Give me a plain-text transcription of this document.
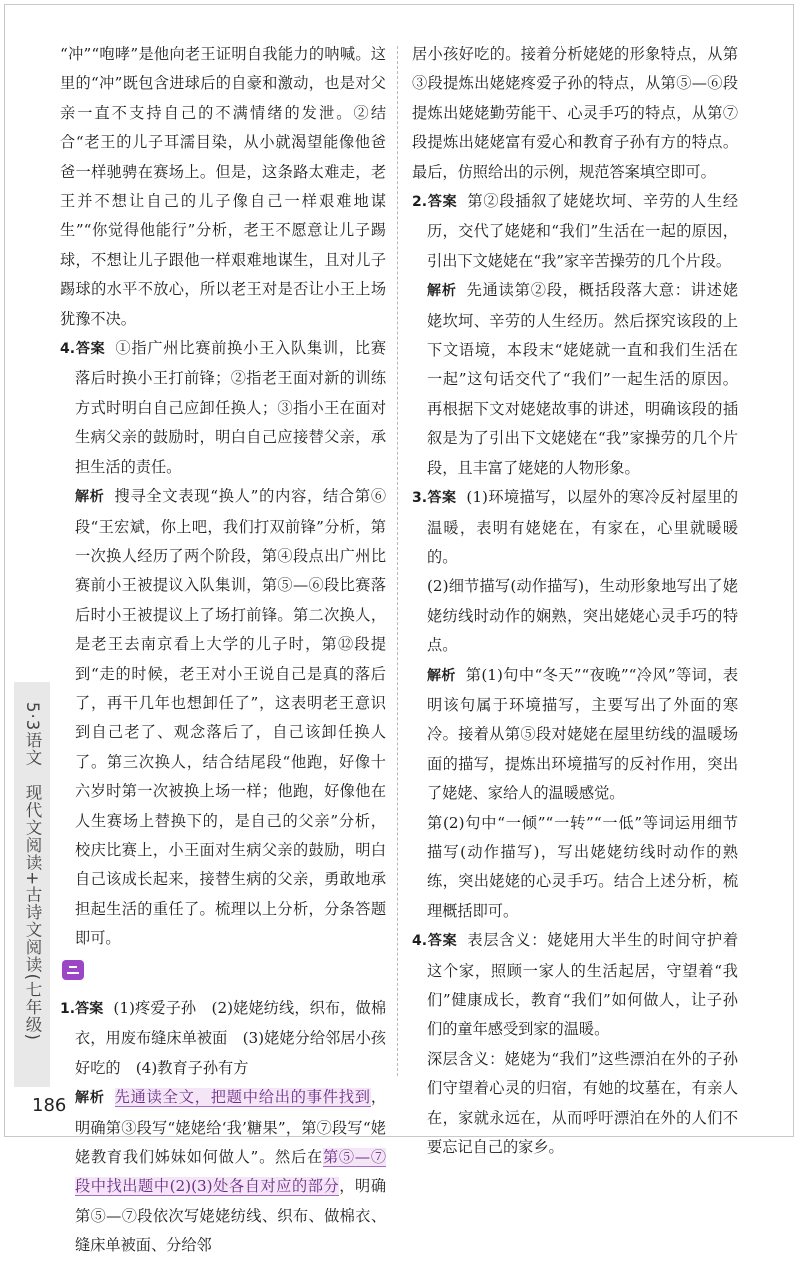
“冲”“咆哮”是他向老王证明自我能力的呐喊。这里的“冲”既包含进球后的自豪和激动，也是对父亲一直不支持自己的不满情绪的发泄。②结合“老王的儿子耳濡目染，从小就渴望能像他爸爸一样驰骋在赛场上。但是，这条路太难走，老王并不想让自己的儿子像自己一样艰难地谋生”“你觉得他能行”分析，老王不愿意让儿子踢球，不想让儿子跟他一样艰难地谋生，且对儿子踢球的水平不放心，所以老王对是否让小王上场犹豫不决。

4.答案 ①指广州比赛前换小王入队集训，比赛落后时换小王打前锋；②指老王面对新的训练方式时明白自己应卸任换人；③指小王在面对生病父亲的鼓励时，明白自己应接替父亲，承担生活的责任。

解析 搜寻全文表现“换人”的内容，结合第⑥段“王宏斌，你上吧，我们打双前锋”分析，第一次换人经历了两个阶段，第④段点出广州比赛前小王被提议入队集训，第⑤—⑥段比赛落后时小王被提议上了场打前锋。第二次换人，是老王去南京看上大学的儿子时，第⑫段提到“走的时候，老王对小王说自己是真的落后了，再干几年也想卸任了”，这表明老王意识到自己老了、观念落后了，自己该卸任换人了。第三次换人，结合结尾段“他跑，好像十六岁时第一次被换上场一样；他跑，好像他在人生赛场上替换下的，是自己的父亲”分析，校庆比赛上，小王面对生病父亲的鼓励，明白自己该成长起来，接替生病的父亲，勇敢地承担起生活的重任了。梳理以上分析，分条答题即可。

1.答案 (1)疼爱子孙　(2)姥姥纺线，织布，做棉衣，用废布缝床单被面　(3)姥姥分给邻居小孩好吃的　(4)教育子孙有方

解析 先通读全文，把题中给出的事件找到，明确第③段写“姥姥给‘我’糖果”，第⑦段写“姥姥教育我们姊妹如何做人”。然后在第⑤—⑦段中找出题中(2)(3)处各自对应的部分，明确第⑤—⑦段依次写姥姥纺线、织布、做棉衣、缝床单被面、分给邻

居小孩好吃的。接着分析姥姥的形象特点，从第③段提炼出姥姥疼爱子孙的特点，从第⑤—⑥段提炼出姥姥勤劳能干、心灵手巧的特点，从第⑦段提炼出姥姥富有爱心和教育子孙有方的特点。最后，仿照给出的示例，规范答案填空即可。

2.答案 第②段插叙了姥姥坎坷、辛劳的人生经历，交代了姥姥和“我们”生活在一起的原因，引出下文姥姥在“我”家辛苦操劳的几个片段。

解析 先通读第②段，概括段落大意：讲述姥姥坎坷、辛劳的人生经历。然后探究该段的上下文语境，本段末“姥姥就一直和我们生活在一起”这句话交代了“我们”一起生活的原因。再根据下文对姥姥故事的讲述，明确该段的插叙是为了引出下文姥姥在“我”家操劳的几个片段，且丰富了姥姥的人物形象。

3.答案 (1)环境描写，以屋外的寒冷反衬屋里的温暖，表明有姥姥在，有家在，心里就暖暖的。

(2)细节描写(动作描写)，生动形象地写出了姥姥纺线时动作的娴熟，突出姥姥心灵手巧的特点。

解析 第(1)句中“冬天”“夜晚”“冷风”等词，表明该句属于环境描写，主要写出了外面的寒冷。接着从第⑤段对姥姥在屋里纺线的温暖场面的描写，提炼出环境描写的反衬作用，突出了姥姥、家给人的温暖感觉。

第(2)句中“一倾”“一转”“一低”等词运用细节描写(动作描写)，写出姥姥纺线时动作的熟练，突出姥姥的心灵手巧。结合上述分析，梳理概括即可。

4.答案 表层含义：姥姥用大半生的时间守护着这个家，照顾一家人的生活起居，守望着“我们”健康成长，教育“我们”如何做人，让子孙们的童年感受到家的温暖。

深层含义：姥姥为“我们”这些漂泊在外的子孙们守望着心灵的归宿，有她的坟墓在，有亲人在，家就永远在，从而呼吁漂泊在外的人们不要忘记自己的家乡。

5·3语文　现代文阅读+古诗文阅读(七年级)
186
